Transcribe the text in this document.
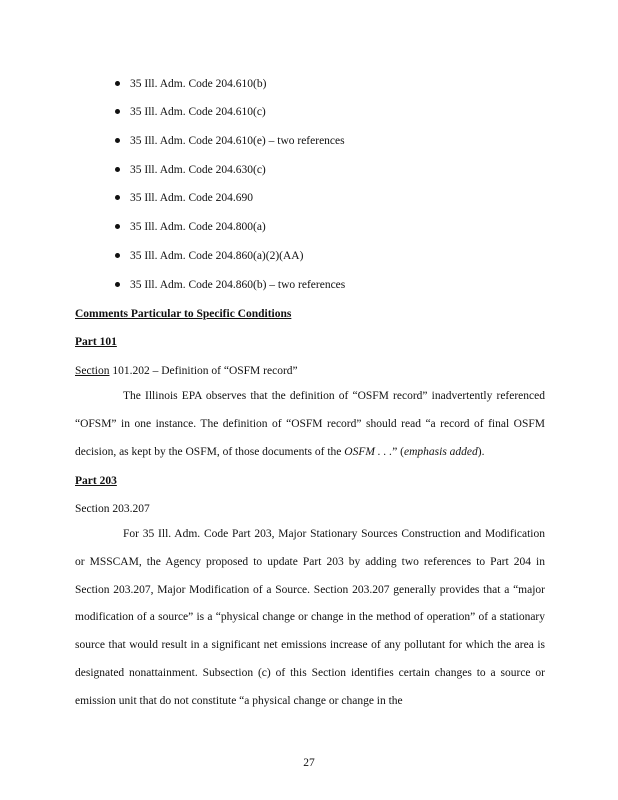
35 Ill. Adm. Code 204.610(b)
35 Ill. Adm. Code 204.610(c)
35 Ill. Adm. Code 204.610(e) – two references
35 Ill. Adm. Code 204.630(c)
35 Ill. Adm. Code 204.690
35 Ill. Adm. Code 204.800(a)
35 Ill. Adm. Code 204.860(a)(2)(AA)
35 Ill. Adm. Code 204.860(b) – two references
Comments Particular to Specific Conditions
Part 101
Section 101.202 – Definition of “OSFM record”

The Illinois EPA observes that the definition of “OSFM record” inadvertently referenced “OFSM” in one instance. The definition of “OSFM record” should read “a record of final OSFM decision, as kept by the OSFM, of those documents of the OSFM . . .” (emphasis added).

Part 203
Section 203.207

For 35 Ill. Adm. Code Part 203, Major Stationary Sources Construction and Modification or MSSCAM, the Agency proposed to update Part 203 by adding two references to Part 204 in Section 203.207, Major Modification of a Source. Section 203.207 generally provides that a “major modification of a source” is a “physical change or change in the method of operation” of a stationary source that would result in a significant net emissions increase of any pollutant for which the area is designated nonattainment. Subsection (c) of this Section identifies certain changes to a source or emission unit that do not constitute “a physical change or change in the

27
